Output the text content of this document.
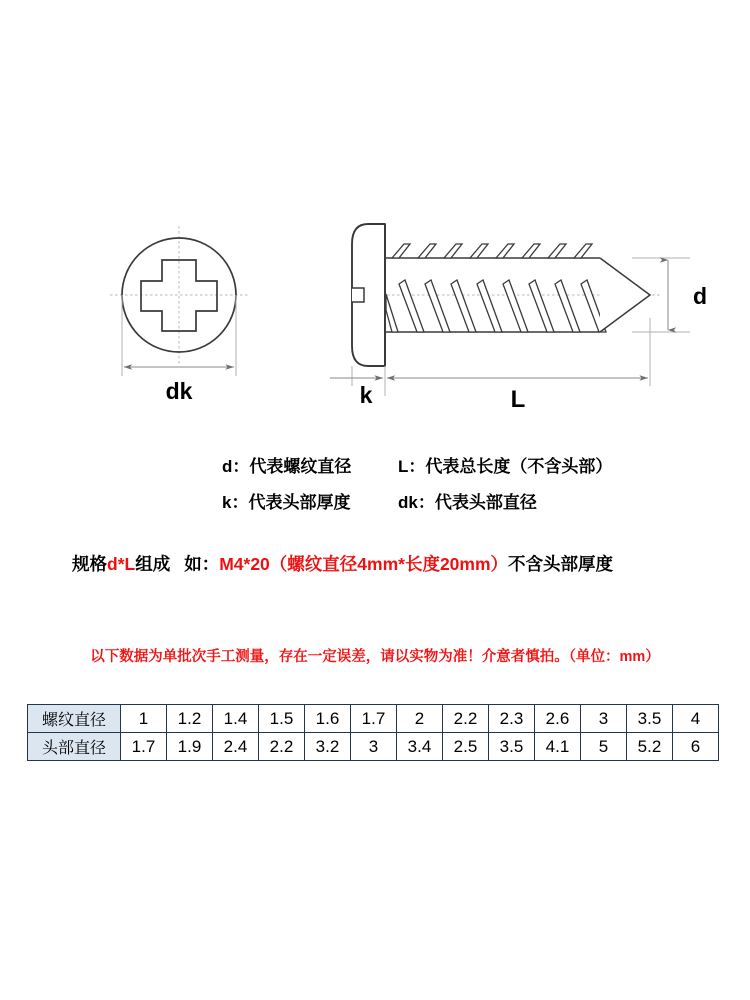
dk
d
k	L
d：代表螺纹直径	L：代表总长度（不含头部）
k：代表头部厚度	dk：代表头部直径
规格d*L组成 如：M4*20（螺纹直径4mm*长度20mm）不含头部厚度
以下数据为单批次手工测量，存在一定误差，请以实物为准！介意者慎拍。（单位：mm）
螺纹直径	1	1.2	1.4	1.5	1.6	1.7	2	2.2	2.3	2.6	3	3.5	4
头部直径	1.7	1.9	2.4	2.2	3.2	3	3.4	2.5	3.5	4.1	5	5.2	6
